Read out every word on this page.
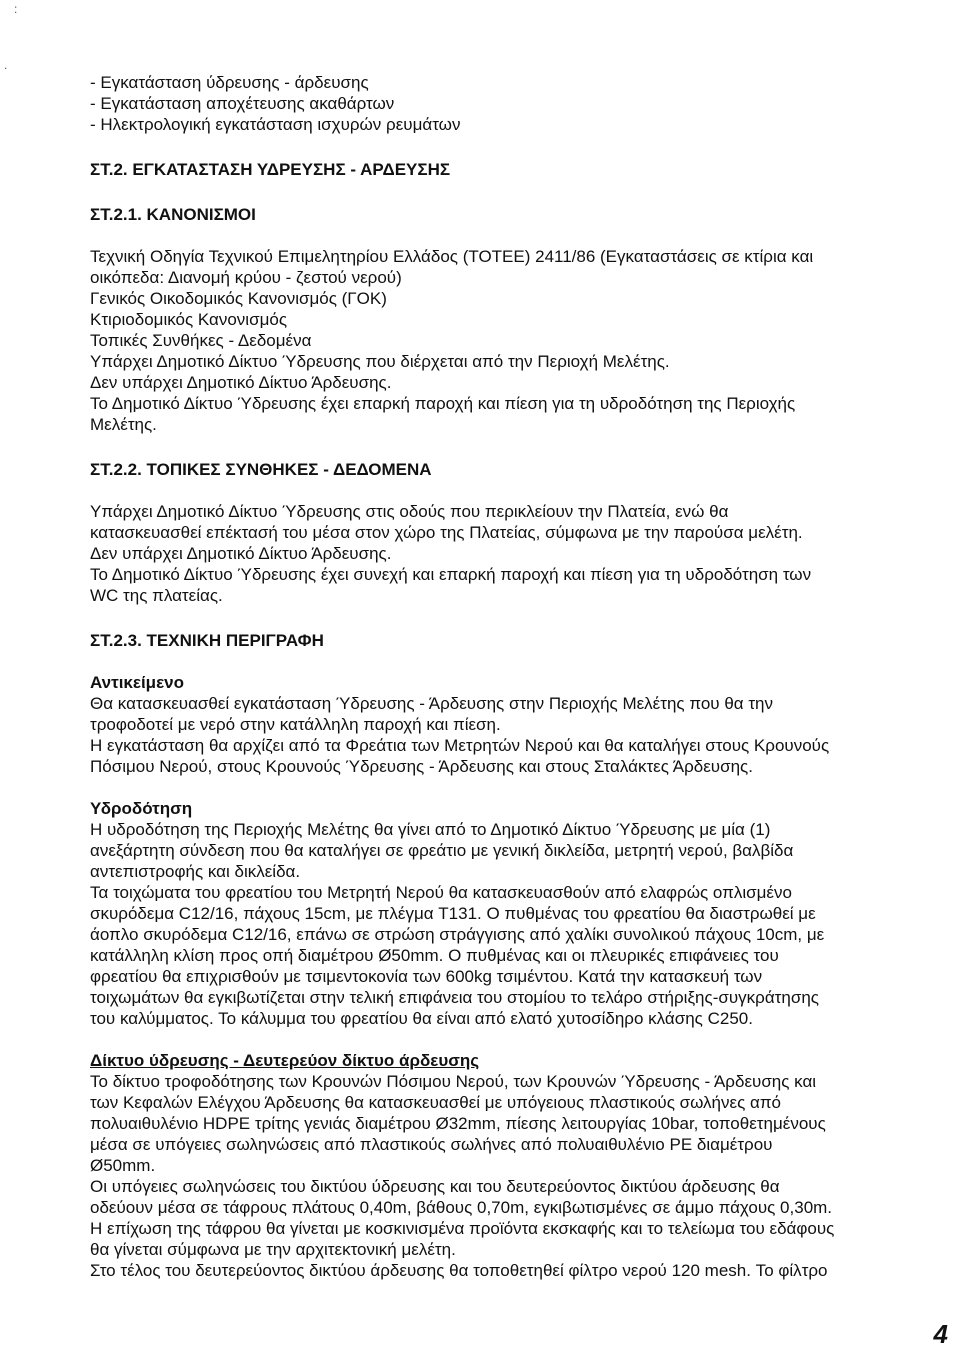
:
.
- Εγκατάσταση ύδρευσης - άρδευσης
- Εγκατάσταση αποχέτευσης ακαθάρτων
- Ηλεκτρολογική εγκατάσταση ισχυρών ρευμάτων
ΣΤ.2. ΕΓΚΑΤΑΣΤΑΣΗ ΥΔΡΕΥΣΗΣ - ΑΡΔΕΥΣΗΣ
ΣΤ.2.1. ΚΑΝΟΝΙΣΜΟΙ
Τεχνική Οδηγία Τεχνικού Επιμελητηρίου Ελλάδος (ΤΟΤΕΕ) 2411/86 (Εγκαταστάσεις σε κτίρια και
οικόπεδα: Διανομή κρύου - ζεστού νερού)
Γενικός Οικοδομικός Κανονισμός (ΓΟΚ)
Κτιριοδομικός Κανονισμός
Τοπικές Συνθήκες - Δεδομένα
Υπάρχει Δημοτικό Δίκτυο Ύδρευσης που διέρχεται από την Περιοχή Μελέτης.
Δεν υπάρχει Δημοτικό Δίκτυο Άρδευσης.
Το Δημοτικό Δίκτυο Ύδρευσης έχει επαρκή παροχή και πίεση για τη υδροδότηση της Περιοχής
Μελέτης.
ΣΤ.2.2. ΤΟΠΙΚΕΣ ΣΥΝΘΗΚΕΣ - ΔΕΔΟΜΕΝΑ
Υπάρχει Δημοτικό Δίκτυο Ύδρευσης στις οδούς που περικλείουν την Πλατεία, ενώ θα
κατασκευασθεί επέκτασή του μέσα στον χώρο της Πλατείας, σύμφωνα με την παρούσα μελέτη.
Δεν υπάρχει Δημοτικό Δίκτυο Άρδευσης.
Το Δημοτικό Δίκτυο Ύδρευσης έχει συνεχή και επαρκή παροχή και πίεση για τη υδροδότηση των
WC της πλατείας.
ΣΤ.2.3. ΤΕΧΝΙΚΗ ΠΕΡΙΓΡΑΦΗ
Αντικείμενο
Θα κατασκευασθεί εγκατάσταση Ύδρευσης - Άρδευσης στην Περιοχής Μελέτης που θα την
τροφοδοτεί με νερό στην κατάλληλη παροχή και πίεση.
Η εγκατάσταση θα αρχίζει από τα Φρεάτια των Μετρητών Νερού και θα καταλήγει στους Κρουνούς
Πόσιμου Νερού, στους Κρουνούς Ύδρευσης - Άρδευσης και στους Σταλάκτες Άρδευσης.
Υδροδότηση
Η υδροδότηση της Περιοχής Μελέτης θα γίνει από το Δημοτικό Δίκτυο Ύδρευσης με μία (1)
ανεξάρτητη σύνδεση που θα καταλήγει σε φρεάτιο με γενική δικλείδα, μετρητή νερού, βαλβίδα
αντεπιστροφής και δικλείδα.
Τα τοιχώματα του φρεατίου του Μετρητή Νερού θα κατασκευασθούν από ελαφρώς οπλισμένο
σκυρόδεμα C12/16, πάχους 15cm, με πλέγμα T131. Ο πυθμένας του φρεατίου θα διαστρωθεί με
άοπλο σκυρόδεμα C12/16, επάνω σε στρώση στράγγισης από χαλίκι συνολικού πάχους 10cm, με
κατάλληλη κλίση προς οπή διαμέτρου Ø50mm. Ο πυθμένας και οι πλευρικές επιφάνειες του
φρεατίου θα επιχρισθούν με τσιμεντοκονία των 600kg τσιμέντου. Κατά την κατασκευή των
τοιχωμάτων θα εγκιβωτίζεται στην τελική επιφάνεια του στομίου το τελάρο στήριξης-συγκράτησης
του καλύμματος. Το κάλυμμα του φρεατίου θα είναι από ελατό χυτοσίδηρο κλάσης C250.
Δίκτυο ύδρευσης - Δευτερεύον δίκτυο άρδευσης
Το δίκτυο τροφοδότησης των Κρουνών Πόσιμου Νερού, των Κρουνών Ύδρευσης - Άρδευσης και
των Κεφαλών Ελέγχου Άρδευσης θα κατασκευασθεί με υπόγειους πλαστικούς σωλήνες από
πολυαιθυλένιο HDPE τρίτης γενιάς διαμέτρου Ø32mm, πίεσης λειτουργίας 10bar, τοποθετημένους
μέσα σε υπόγειες σωληνώσεις από πλαστικούς σωλήνες από πολυαιθυλένιο PE διαμέτρου
Ø50mm.
Οι υπόγειες σωληνώσεις του δικτύου ύδρευσης και του δευτερεύοντος δικτύου άρδευσης θα
οδεύουν μέσα σε τάφρους πλάτους 0,40m, βάθους 0,70m, εγκιβωτισμένες σε άμμο πάχους 0,30m.
Η επίχωση της τάφρου θα γίνεται με κοσκινισμένα προϊόντα εκσκαφής και το τελείωμα του εδάφους
θα γίνεται σύμφωνα με την αρχιτεκτονική μελέτη.
Στο τέλος του δευτερεύοντος δικτύου άρδευσης θα τοποθετηθεί φίλτρο νερού 120 mesh. Το φίλτρο
4
